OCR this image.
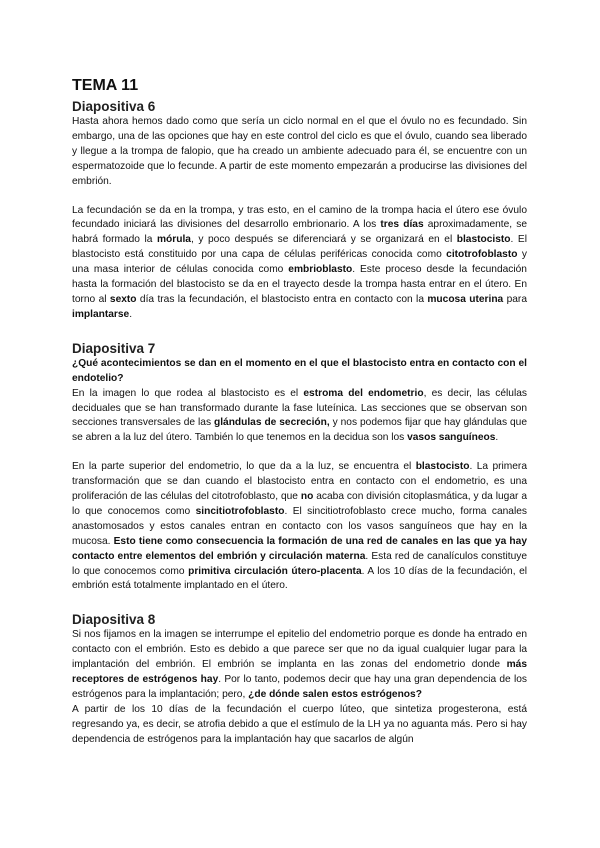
TEMA 11
Diapositiva 6

Hasta ahora hemos dado como que sería un ciclo normal en el que el óvulo no es fecundado. Sin embargo, una de las opciones que hay en este control del ciclo es que el óvulo, cuando sea liberado y llegue a la trompa de falopio, que ha creado un ambiente adecuado para él, se encuentre con un espermatozoide que lo fecunde. A partir de este momento empezarán a producirse las divisiones del embrión.

La fecundación se da en la trompa, y tras esto, en el camino de la trompa hacia el útero ese óvulo fecundado iniciará las divisiones del desarrollo embrionario. A los tres días aproximadamente, se habrá formado la mórula, y poco después se diferenciará y se organizará en el blastocisto. El blastocisto está constituido por una capa de células periféricas conocida como citotrofoblasto y una masa interior de células conocida como embrioblasto. Este proceso desde la fecundación hasta la formación del blastocisto se da en el trayecto desde la trompa hasta entrar en el útero. En torno al sexto día tras la fecundación, el blastocisto entra en contacto con la mucosa uterina para implantarse.

Diapositiva 7

¿Qué acontecimientos se dan en el momento en el que el blastocisto entra en contacto con el endotelio?

En la imagen lo que rodea al blastocisto es el estroma del endometrio, es decir, las células deciduales que se han transformado durante la fase luteínica. Las secciones que se observan son secciones transversales de las glándulas de secreción, y nos podemos fijar que hay glándulas que se abren a la luz del útero. También lo que tenemos en la decidua son los vasos sanguíneos.

En la parte superior del endometrio, lo que da a la luz, se encuentra el blastocisto. La primera transformación que se dan cuando el blastocisto entra en contacto con el endometrio, es una proliferación de las células del citotrofoblasto, que no acaba con división citoplasmática, y da lugar a lo que conocemos como sincitiotrofoblasto. El sincitiotrofoblasto crece mucho, forma canales anastomosados y estos canales entran en contacto con los vasos sanguíneos que hay en la mucosa. Esto tiene como consecuencia la formación de una red de canales en las que ya hay contacto entre elementos del embrión y circulación materna. Esta red de canalículos constituye lo que conocemos como primitiva circulación útero-placenta. A los 10 días de la fecundación, el embrión está totalmente implantado en el útero.

Diapositiva 8

Si nos fijamos en la imagen se interrumpe el epitelio del endometrio porque es donde ha entrado en contacto con el embrión. Esto es debido a que parece ser que no da igual cualquier lugar para la implantación del embrión. El embrión se implanta en las zonas del endometrio donde más receptores de estrógenos hay. Por lo tanto, podemos decir que hay una gran dependencia de los estrógenos para la implantación; pero, ¿de dónde salen estos estrógenos?

A partir de los 10 días de la fecundación el cuerpo lúteo, que sintetiza progesterona, está regresando ya, es decir, se atrofia debido a que el estímulo de la LH ya no aguanta más. Pero si hay dependencia de estrógenos para la implantación hay que sacarlos de algún
